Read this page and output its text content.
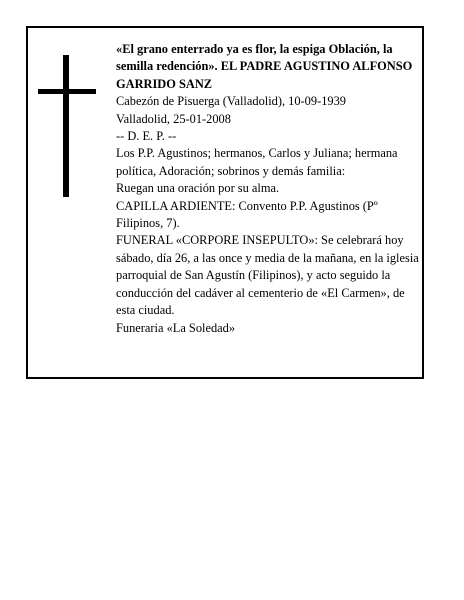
«El grano enterrado ya es flor, la espiga Oblación, la semilla redención». EL PADRE AGUSTINO ALFONSO GARRIDO SANZ

Cabezón de Pisuerga (Valladolid), 10-09-1939

Valladolid, 25-01-2008

-- D. E. P. --

Los P.P. Agustinos; hermanos, Carlos y Juliana; hermana política, Adoración; sobrinos y demás familia:

Ruegan una oración por su alma.

CAPILLA ARDIENTE: Convento P.P. Agustinos (Pº Filipinos, 7).

FUNERAL «CORPORE INSEPULTO»: Se celebrará hoy sábado, día 26, a las once y media de la mañana, en la iglesia parroquial de San Agustín (Filipinos), y acto seguido la conducción del cadáver al cementerio de «El Carmen», de esta ciudad.

Funeraria «La Soledad»
